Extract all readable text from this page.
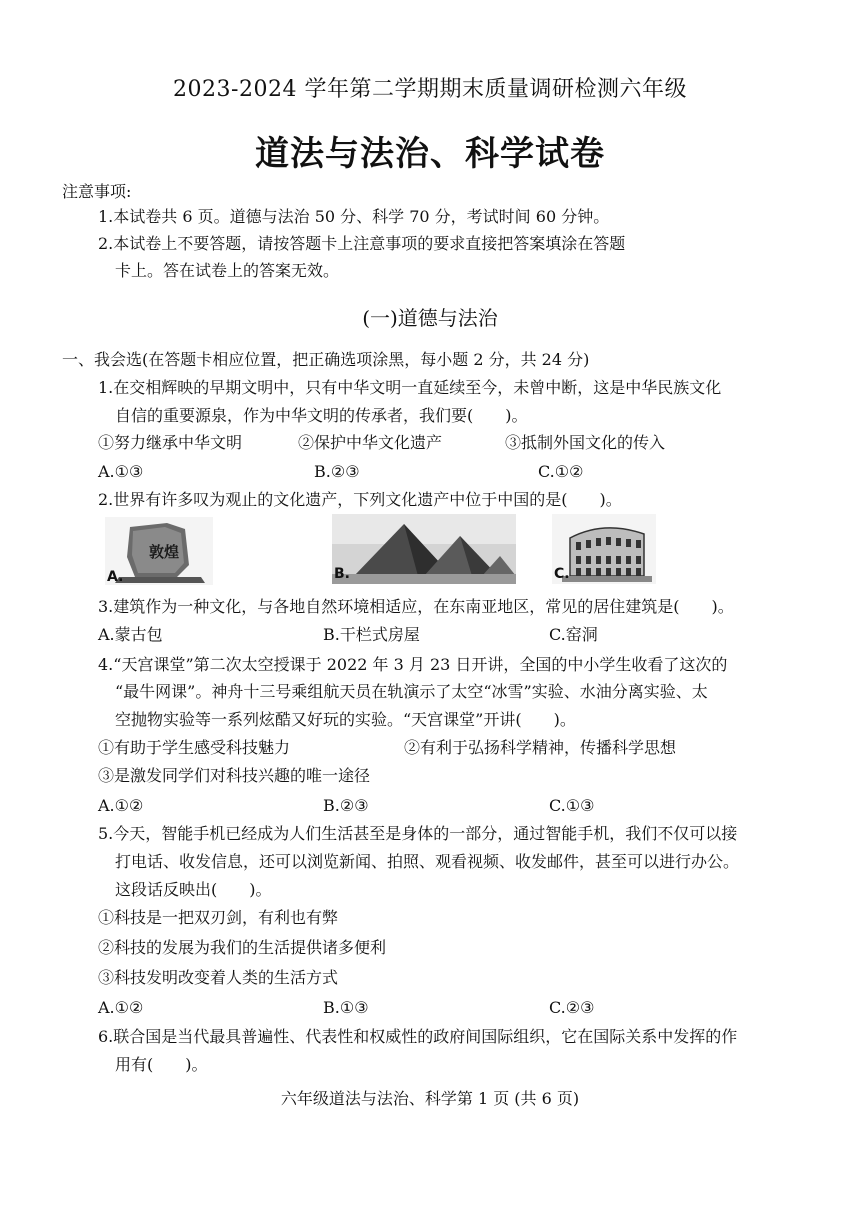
2023-2024 学年第二学期期末质量调研检测六年级
道法与法治、科学试卷
注意事项:
1.本试卷共 6 页。道德与法治 50 分、科学 70 分，考试时间 60 分钟。
2.本试卷上不要答题，请按答题卡上注意事项的要求直接把答案填涂在答题
卡上。答在试卷上的答案无效。
(一)道德与法治
一、我会选(在答题卡相应位置，把正确选项涂黑，每小题 2 分，共 24 分)
1.在交相辉映的早期文明中，只有中华文明一直延续至今，未曾中断，这是中华民族文化
自信的重要源泉，作为中华文明的传承者，我们要(　　)。
①努力继承中华文明	②保护中华文化遗产	③抵制外国文化的传入
A.①③	B.②③	C.①②
2.世界有许多叹为观止的文化遗产，下列文化遗产中位于中国的是(　　)。
敦煌
A.	B.	C.
3.建筑作为一种文化，与各地自然环境相适应，在东南亚地区，常见的居住建筑是(　　)。
A.蒙古包	B.干栏式房屋	C.窑洞
4.“天宫课堂”第二次太空授课于 2022 年 3 月 23 日开讲，全国的中小学生收看了这次的
“最牛网课”。神舟十三号乘组航天员在轨演示了太空“冰雪”实验、水油分离实验、太
空抛物实验等一系列炫酷又好玩的实验。“天宫课堂”开讲(　　)。
①有助于学生感受科技魅力	②有利于弘扬科学精神，传播科学思想
③是激发同学们对科技兴趣的唯一途径
A.①②	B.②③	C.①③
5.今天，智能手机已经成为人们生活甚至是身体的一部分，通过智能手机，我们不仅可以接
打电话、收发信息，还可以浏览新闻、拍照、观看视频、收发邮件，甚至可以进行办公。
这段话反映出(　　)。
①科技是一把双刃剑，有利也有弊
②科技的发展为我们的生活提供诸多便利
③科技发明改变着人类的生活方式
A.①②	B.①③	C.②③
6.联合国是当代最具普遍性、代表性和权威性的政府间国际组织，它在国际关系中发挥的作
用有(　　)。
六年级道法与法治、科学第 1 页 (共 6 页)
